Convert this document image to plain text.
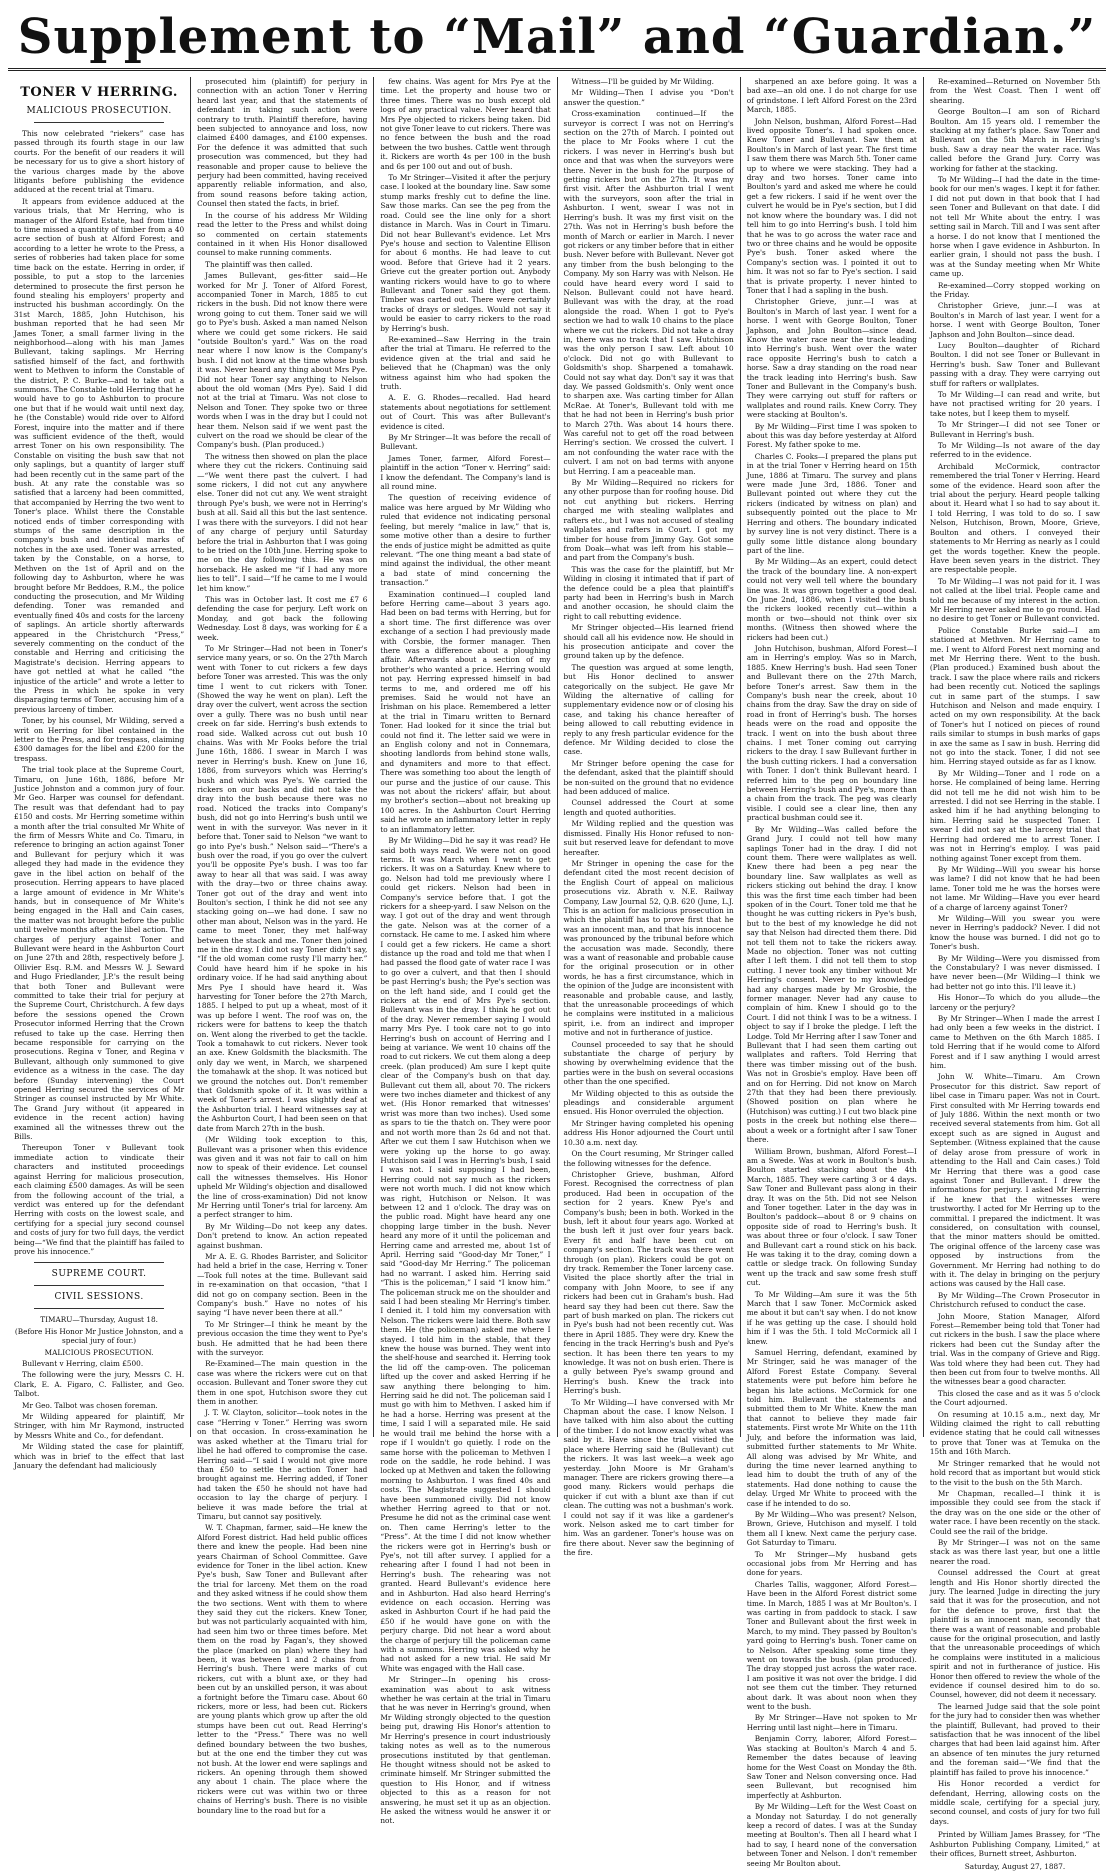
Supplement to “Mail” and “Guardian.”
TONER V HERRING.
MALICIOUS PROSECUTION.

This now celebrated “riekers” case has passed through its fourth stage in our law courts. For the benefit of our readers it will be necessary for us to give a short history of the various charges made by the above litigants before publishing the evidence adduced at the recent trial at Timaru.

It appears from evidence adduced at the various trials, that Mr Herring, who is manager of the Alford Estate, had from time to time missed a quantity of timber from a 40 acre section of bush at Alford Forest; and according to a letter he wrote to the Press, a series of robberies had taken place for some time back on the estate. Herring in order, if possible, to put a stop to the larcenies determined to prosecute the first person he found stealing his employers' property and instructed his bushman accordingly. On the 31st March, 1885, John Hutchison, his bushman reported that he had seen Mr James Toner, a small farmer living in the neighborhood—along with his man James Bullevant, taking saplings. Mr Herring satisfied himself of the fact, and forthwith went to Methven to inform the Constable of the district, P. C. Burke—and to take out a summons. The Constable told Herring that he would have to go to Ashburton to procure one but that if he would wait until next day, he (the Constable) would ride over to Alford Forest, inquire into the matter and if there was sufficient evidence of the theft, would arrest Toner on his own responsibility. The Constable on visiting the bush saw that not only saplings, but a quantity of larger stuff had been recently cut in the same part of the bush. At any rate the constable was so satisfied that a larceny had been committed, that accompanied by Herring the two went to Toner's place. Whilst there the Constable noticed ends of timber corresponding with stumps of the same description in the company's bush and identical marks of notches in the axe used. Toner was arrested, taken by the Constable, on a horse, to Methven on the 1st of April and on the following day to Ashburton, where he was brought before Mr Beddoes, R.M., the police conducting the prosecution, and Mr Wilding defending. Toner was remanded and eventually fined 40s and costs for the larceny of saplings. An article shortly afterwards appeared in the Christchurch “Press,” severely commenting on the conduct of the constable and Herring and criticising the Magistrate's decision. Herring appears to have got nettled at what he called “the injustice of the article” and wrote a letter to the Press in which he spoke in very disparaging terms of Toner, accusing him of a previous larceny of timber.

Toner, by his counsel, Mr Wilding, served a writ on Herring for libel contained in the letter to the Press, and for trespass, claiming £300 damages for the libel and £200 for the trespass.

The trial took place at the Supreme Court, Timaru, on June 16th, 1886, before Mr Justice Johnston and a common jury of four. Mr Geo. Harper was counsel for defendant. The result was that defendant had to pay £150 and costs. Mr Herring sometime within a month after the trial consulted Mr White of the firm of Messrs White and Co. Timaru, in reference to bringing an action against Toner and Bullevant for perjury which it was alleged they had made in the evidence they gave in the libel action on behalf of the prosecution. Herring appears to have placed a large amount of evidence in Mr White's hands, but in consequence of Mr White's being engaged in the Hall and Cain cases, the matter was not brought before the public until twelve months after the libel action. The charges of perjury against Toner and Bullevant were heard in the Ashburton Court on June 27th and 28th, respectively before J. Ollivier Esq. R.M. and Messrs W. J. Seward and Hugo Friedlander, J.P.'s the result being that both Toner and Bullevant were committed to take their trial for perjury at the Supreme Court, Christchurch. A few days before the sessions opened the Crown Prosecutor informed Herring that the Crown refused to take up the case. Herring then became responsible for carrying on the prosecutions. Regina v Toner, and Regina v Bullevant, although only summoned to give evidence as a witness in the case. The day before (Sunday intervening) the Court opened Herring secured the services of Mr Stringer as counsel instructed by Mr White. The Grand Jury without (it appeared in evidence in the recent action) having examined all the witnesses threw out the Bills.

Thereupon Toner v Bullevant took immediate action to vindicate their characters and instituted proceedings against Herring for malicious prosecution, each claiming £500 damages. As will be seen from the following account of the trial, a verdict was entered up for the defendant Herring with costs on the lowest scale, and certifying for a special jury second counsel and costs of jury for two full days, the verdict being—“We find that the plaintiff has failed to prove his innocence.”

SUPREME COURT.
CIVIL SESSIONS.

TIMARU—Thursday, August 18.

(Before His Honor Mr Justice Johnston, and a special jury of four.)

MALICIOUS PROSECUTION.

Bullevant v Herring, claim £500.

The following were the jury, Messrs C. H. Clark, E. A. Figaro, C. Fallister, and Geo. Talbot.

Mr Geo. Talbot was chosen foreman.

Mr Wilding appeared for plaintiff, Mr Stringer, with him Mr Raymond, instructed by Messrs White and Co., for defendant.

Mr Wilding stated the case for plaintiff, which was in brief to the effect that last January the defendant had maliciously

prosecuted him (plaintiff) for perjury in connection with an action Toner v Herring heard last year, and that the statements of defendant in taking such action were contrary to truth. Plaintiff therefore, having been subjected to annoyance and loss, now claimed £400 damages, and £100 expenses. For the defence it was admitted that such prosecution was commenced, but they had reasonable and proper cause to believe the perjury had been committed, having received apparently reliable information, and also, from sound reasons before taking action, Counsel then stated the facts, in brief.

In the course of his address Mr Wilding read the letter to the Press and whilst doing so commented on certain statements contained in it when His Honor disallowed counsel to make running comments.

The plaintiff was then called.

James Bullevant, ges-fitter said—He worked for Mr J. Toner of Alford Forest, accompanied Toner in March, 1885 to cut rickers in the bush. Did not know there were wrong going to cut them. Toner said we will go to Pye's bush. Asked a man named Nelson where we could get some rickers. He said “outside Boulton's yard.” Was on the road near where I now know is the Company's bush. I did not know at the time whose bush it was. Never heard any thing about Mrs Pye. Did not hear Toner say anything to Nelson about the old woman (Mrs Pye). Said I did not at the trial at Timaru. Was not close to Nelson and Toner. They spoke two or three words when I was in the dray but I could not hear them. Nelson said if we went past the culvert on the road we should be clear of the Company's bush. (Plan produced.)

The witness then showed on plan the place where they cut the rickers. Continuing said—“We went there past the culvert. I had some rickers, I did not cut any anywhere else. Toner did not cut any. We went straight through Pye's bush, we were not in Herring's bush at all. Said all this but the last sentence. I was there with the surveyors. I did not hear of any charge of perjury until Saturday before the trial in Ashburton that I was going to be tried on the 10th June. Herring spoke to me on the day following this. He was on horseback. He asked me “if I had any more lies to tell”. I said—“If he came to me I would let him know.”

This was in October last. It cost me £7 6 defending the case for perjury. Left work on Monday, and got back the following Wednesday. Lost 8 days, was working for £ a week.

To Mr Stringer—Had not been in Toner's service many years, or so. On the 27th March went with Toner to cut rickers a few days before Toner was arrested. This was the only time I went to cut rickers with Toner. (Showed the way he went on plan). Left the dray over the culvert, went across the section over a gully. There was no bush until near creek on far side. Herring's bush extends to road side. Walked across cut out bush 10 chains. Was with Mr Fooks before the trial June 16th, 1886. I swear in March I was never in Herring's bush. Knew on June 16, 1886, from surveyors which was Herring's bush and which was Pye's. We carried the rickers on our backs and did not take the dray into the bush because there was no road. Noticed the tracks into Company's bush, did not go into Herring's bush until we went in with the surveyor. Was never in it before that. Toner said to Nelson “we want to go into Pye's bush.” Nelson said—“There's a bush over the road, if you go over the culvert you'll be opposite Pye's bush. I was too far away to hear all that was said. I was away with the dray—two or three chains away. Toner got out of the dray and went into Boulton's section, I think he did not see any stacking going on—we had done. I saw no other man about, Nelson was in the yard. He came to meet Toner, they met half-way between the stack and me. Toner then joined me in the dray. I did not say Toner didn't say, “If the old woman come rusty I'll marry her.” Could have heard him if he spoke in his ordinary voice. If he had said anything about Mrs Pye I should have heard it. Was harvesting for Toner before the 27th March, 1885. I helped to put up a wheat, most of it was up before I went. The roof was on, the rickers were for battens to keep the thatch on. Went along the riverbed to get the tackle. Took a tomahawk to cut rickers. Never took an axe. Knew Goldsmith the blacksmith. The only day we went, in March, we sharpened the tomahawk at the shop. It was noticed but we ground the notches out. Don't remember that Goldsmith spoke of it. It was within a week of Toner's arrest. I was slightly deaf at the Ashburton trial. I heard witnesses say at the Ashburton Court, I had been seen on that date from March 27th in the bush.

(Mr Wilding took exception to this, Bullevant was a prisoner when this evidence was given and it was not fair to call on him now to speak of their evidence. Let counsel call the witnesses themselves. His Honor upheld Mr Wilding's objection and disallowed the line of cross-examination) Did not know Mr Herring until Toner's trial for larceny. Am a perfect stranger to him.

By Mr Wilding—Do not keep any dates. Don't pretend to know. An action repeated against bushman.

Mr A. E. G. Rhodes Barrister, and Solicitor had held a brief in the case, Herring v. Toner—Took full notes at the time. Bullevant said in re-examination on that occasion, “that I did not go on company section. Been in the Company's bush.” Have no notes of his saying “I have never been there at all.”

To Mr Stringer—I think he meant by the previous occasion the time they went to Pye's bush. He admitted that he had been there with the surveyor.

Re-Examined—The main question in the case was where the rickers were cut on that occasion. Bullevant and Toner swore they cut them in one spot, Hutchison swore they cut them in another.

J. T. W. Clayton, solicitor—took notes in the case “Herring v Toner.” Herring was sworn on that occasion. In cross-examination he was asked whether at the Timaru trial for libel he had offered to compromise the case. Herring said—“I said I would not give more than £50 to settle the action Toner had brought against me. Herring added, if Toner had taken the £50 he should not have had occasion to lay the charge of perjury. I believe it was made before the trial at Timaru, but cannot say positively.

W. T. Chapman, farmer, said—He knew the Alford Forest district. Had held public offices there and knew the people. Had been nine years Chairman of School Committee. Gave evidence for Toner in the libel action. Knew Pye's bush, Saw Toner and Bullevant after the trial for larceny. Met them on the road and they asked witness if he could show them the two sections. Went with them to where they said they cut the rickers. Knew Toner, but was not particularly acquainted with him, had seen him two or three times before. Met them on the road by Fagan's, they showed the place (marked on plan) where they had been, it was between 1 and 2 chains from Herring's bush. There were marks of cut rickers, cut with a blunt axe, or they had been cut by an unskilled person, it was about a fortnight before the Timaru case. About 60 rickers, more or less, had been cut. Rickers are young plants which grow up after the old stumps have been cut out. Read Herring's letter to the “Press.” There was no well defined boundary between the two bushes, but at the one end the timber they cut was not bush. At the lower end were saplings and rickers. An opening through them showed any about 1 chain. The place where the rickers were cut was within two or three chains of Herring's bush. There is no visible boundary line to the road but for a

few chains. Was agent for Mrs Pye at the time. Let the property and house two or three times. There was no bush except old logs of any practical value. Never heard that Mrs Pye objected to rickers being taken. Did not give Toner leave to cut rickers. There was no fence between the bush and the road between the two bushes. Cattle went through it. Rickers are worth 4s per 100 in the bush and 6s per 100 out and out of bush.

To Mr Stringer—Visited it after the perjury case. I looked at the boundary line. Saw some stump marks freshly cut to define the line. Saw those marks. Can see the peg from the road. Could see the line only for a short distance in March. Was in Court in Timaru. Did not hear Bullevant's evidence. Let Mrs Pye's house and section to Valentine Ellison for about 6 months. He had leave to cut wood. Before that Grieve had it 2 years. Grieve cut the greater portion out. Anybody wanting rickers would have to go to where Bullevant and Toner said they got them. Timber was carted out. There were certainly tracks of drays or sledges. Would not say it would be easier to carry rickers to the road by Herring's bush.

Re-examined—Saw Herring in the train after the trial at Timaru. He referred to the evidence given at the trial and said he believed that he (Chapman) was the only witness against him who had spoken the truth.

A. E. G. Rhodes—recalled. Had heard statements about negotiations for settlement out of Court. This was after Bullevant's evidence is cited.

By Mr Stringer—It was before the recall of Bullevant.

James Toner, farmer, Alford Forest—plaintiff in the action “Toner v. Herring” said: I know the defendant. The Company's land is all round mine.

The question of receiving evidence of malice was here argued by Mr Wilding who ruled that evidence not indicating personal feeling, but merely “malice in law,” that is, some motive other than a desire to further the ends of justice might be admitted as quite relevant. “The one thing meant a bad state of mind against the individual, the other meant a bad state of mind concerning the transaction.”

Examination continued—I coupled land before Herring came—about 3 years ago. Had been on bad terms with Herring, but for a short time. The first difference was over exchange of a section I had previously made with Corsbie, the former manager. Then there was a difference about a ploughing affair. Afterwards about a section of my brother's who wanted a price. Herring would not pay. Herring expressed himself in bad terms to me, and ordered me off his premises. Said he would not have an Irishman on his place. Remembered a letter at the trial in Timaru written to Bernard Toner. Had looked for it since the trial but could not find it. The letter said we were in an English colony and not in Connemara, shooting landlords from behind stone walls, and dynamiters and more to that effect. There was something too about the length of our purse and the justice of our cause. This was not about the rickers' affair, but about my brother's section—about not breaking up 100 acres. In the Ashburton Court Herring said he wrote an inflammatory letter in reply to an inflammatory letter.

By Mr Wilding—Did he say it was read? He said both ways read. We were not on good terms. It was March when I went to get rickers. It was on a Saturday. Knew where to go. Nelson had told me previously where I could get rickers. Nelson had been in Company's service before that. I got the rickers for a sheep-yard. I saw Nelson on the way. I got out of the dray and went through the gate. Nelson was at the corner of a cornstack. He came to me. I asked him where I could get a few rickers. He came a short distance up the road and told me that when I had passed the flood gate of water race I was to go over a culvert, and that then I should be past Herring's bush; the Pye's section was on the left hand side, and I could get the rickers at the end of Mrs Pye's section. Bullevant was in the dray. I think he got out of the dray. Never remember saying I would marry Mrs Pye. I took care not to go into Herring's bush on account of Herring and I being at variance. We went 10 chains off the road to cut rickers. We cut them along a deep creek. (plan produced) Am sure I kept quite clear of the Company's bush on that day. Bullevant cut them all, about 70. The rickers were two inches diameter and thickest of any wet. (His Honor remarked that witnesses' wrist was more than two inches). Used some as spars to tie the thatch on. They were poor and not worth more than 2s 6d and not that. After we cut them I saw Hutchison when we were yoking up the horse to go away. Hutchison said I was in Herring's bush, I said I was not. I said supposing I had been, Herring could not say much as the rickers were not worth much. I did not know which was right, Hutchison or Nelson. It was between 12 and 1 o'clock. The dray was on the public road. Might have heard any one chopping large timber in the bush. Never heard any more of it until the policeman and Herring came and arrested me, about 1st of April. Herring said “Good-day Mr Toner,” I said “Good-day Mr Herring.” The policeman had no warrant. I asked him. Herring said “This is the policeman,” I said “I know him.” The policeman struck me on the shoulder and said I had been stealing Mr Herring's timber. I denied it. I told him my conversation with Nelson. The rickers were laid there. Both saw them. He (the policeman) asked me where I stayed. I told him in the stable, that they knew the house was burned. They went into the shelf-house and searched it. Herring took the lid off the camp-oven. The policeman lifted up the cover and asked Herring if he saw anything there belonging to him. Herring said he did not. The policeman said I must go with him to Methven. I asked him if he had a horse. Herring was present at the time, I said I will a separated mile. He said he would trail me behind the horse with a rope if I wouldn't go quietly. I rode on the same horse with the policeman to Methven I rode on the saddle, he rode behind. I was locked up at Methven and taken the following morning to Ashburton. I was fined 40s and costs. The Magistrate suggested I should have been summoned civilly. Did not know whether Herring agreed to that or not. Presume he did not as the criminal case went on. Then came Herring's letter to the “Press”. At the time I did not know whether the rickers were got in Herring's bush or Pye's, not till after survey. I applied for a rehearing after I found I had not been in Herring's bush. The rehearing was not granted. Heard Bullevant's evidence here and in Ashburton. Had also heard Herring's evidence on each occasion. Herring was asked in Ashburton Court if he had paid the £50 if he would have gone on with the perjury charge. Did not hear a word about the charge of perjury till the policeman came with a summons. Herring was asked why he had not asked for a new trial. He said Mr White was engaged with the Hall case.

Mr Stringer—In opening his cross-examination was about to ask witness whether he was certain at the trial in Timaru that he was never in Herring's ground, when Mr Wilding strongly objected to the question being put, drawing His Honor's attention to Mr Herring's presence in court industriously taking notes as well as to the numerous prosecutions instituted by that gentleman. He thought witness should not be asked to criminate himself. Mr Stringer submitted the question to His Honor, and if witness objected to this as a reason for not answering, he must set it up as an objection. He asked the witness would he answer it or not.

Witness—I'll be guided by Mr Wilding.

Mr Wilding—Then I advise you “Don't answer the question.”

Cross-examination continued—If the surveyor is correct I was not on Herring's section on the 27th of March. I pointed out the place to Mr Fooks where I cut the rickers. I was never in Herring's bush but once and that was when the surveyors were there. Never in the bush for the purpose of getting rickers but on the 27th. It was my first visit. After the Ashburton trial I went with the surveyors, soon after the trial in Ashburton. I went, swear I was not in Herring's bush. It was my first visit on the 27th. Was not in Herring's bush before the month of March or earlier in March. I never got rickers or any timber before that in either bush. Never before with Bullevant. Never got any timber from the bush belonging to the Company. My son Harry was with Nelson. He could have heard every word I said to Nelson. Bullevant could not have heard. Bullevant was with the dray, at the road alongside the road. When I got to Pye's section we had to walk 10 chains to the place where we cut the rickers. Did not take a dray in, there was no track that I saw. Hutchison was the only person I saw. Left about 10 o'clock. Did not go with Bullevant to Goldsmith's shop. Sharpened a tomahawk. Could not say what day. Don't say it was that day. We passed Goldsmith's. Only went once to sharpen axe. Was carting timber for Allan McRae. At Toner's, Bullevant told with me that he had not been in Herring's bush prior to March 27th. Was about 14 hours there. Was careful not to get off the road between Herring's section. We crossed the culvert. I am not confounding the water race with the culvert. I am not on bad terms with anyone but Herring. I am a peaceable man.

By Mr Wilding—Required no rickers for any other purpose than for roofing house. Did not cut anything but rickers. Herring charged me with stealing wallplates and rafters etc., but I was not accused of stealing wallplates and rafters in Court. I got my timber for house from Jimmy Gay. Got some from Doak—what was left from his stable—and part from the Company's bush.

This was the case for the plaintiff, but Mr Wilding in closing it intimated that if part of the defence could be a plea that plaintiff's party had been in Herring's bush in March and another occasion, he should claim the right to call rebutting evidence.

Mr Stringer objected—His learned friend should call all his evidence now. He should in his prosecution anticipate and cover the ground taken up by the defence.

The question was argued at some length, but His Honor declined to answer categorically on the subject. He gave Mr Wilding the alternative of calling for supplementary evidence now or of closing his case, and taking his chance hereafter of being allowed to call rebutting evidence in reply to any fresh particular evidence for the defence. Mr Wilding decided to close the case.

Mr Stringer before opening the case for the defendant, asked that the plaintiff should be non-suited on the ground that no evidence had been adduced of malice.

Counsel addressed the Court at some length and quoted authorities.

Mr Wilding replied and the question was dismissed. Finally His Honor refused to non-suit but reserved leave for defendant to move hereafter.

Mr Stringer in opening the case for the defendant cited the most recent decision of the English Court of appeal on malicious prosecutions viz. Abrath v. N.E. Railway Company, Law Journal 52, Q.B. 620 (June, L.J. This is an action for malicious prosecution in which the plaintiff has to prove first that he was an innocent man, and that his innocence was pronounced by the tribunal before which the accusation was made. Secondly, there was a want of reasonable and probable cause for the original prosecution or in other words, he has a first circumstance, which in the opinion of the Judge are inconsistent with reasonable and probable cause, and lastly, that the unreasonable proceedings of which he complains were instituted in a malicious spirit, i.e. from an indirect and improper motive and not in furtherance of justice.

Counsel proceeded to say that he should substantiate the charge of perjury by showing by overwhelming evidence that the parties were in the bush on several occasions other than the one specified.

Mr Wilding objected to this as outside the pleadings and considerable argument ensued. His Honor overruled the objection.

Mr Stringer having completed his opening address His Honor adjourned the Court until 10.30 a.m. next day.

On the Court resuming, Mr Stringer called the following witnesses for the defence.

Christopher Grieve, bushman, Alford Forest. Recognised the correctness of plan produced. Had been in occupation of the section for 2 years. Knew Pye's and Company's bush; been in both. Worked in the bush, left it about four years ago. Worked at the bush left it just over four years back. Every fit and half have been cut on company's section. The track was there went through (on plan). Rickers could be got on dry track. Remember the Toner larceny case. Visited the place shortly after the trial in company with John Moore, to see if any rickers had been cut in Graham's bush. Had heard say they had been cut there. Saw the part of bush marked on plan. The rickers cut in Pye's bush had not been recently cut. Was there in April 1885. They were dry. Knew the fencing in the track Herring's bush and Pye's section. It has been there ten years to my knowledge. It was not on bush erien. There is a gully between Pye's swamp ground and Herring's bush. Knew the track into Herring's bush.

To Mr Wilding—I have conversed with Mr Chapman about the case. I know Nelson. I have talked with him also about the cutting of the timber. I do not know exactly what was said by it. Have since the trial visited the place where Herring said he (Bullevant) cut the rickers. It was last week—a week ago yesterday. John Moore is Mr Graham's manager. There are rickers growing there—a good many. Rickers would perhaps die quicker if cut with a blunt axe than if cut clean. The cutting was not a bushman's work. I could not say if it was like a gardener's work. Nelson asked me to cart timber for him. Was an gardener. Toner's house was on fire there about. Never saw the beginning of the fire.

sharpened an axe before going. It was a bad axe—an old one. I do not charge for use of grindstone. I left Alford Forest on the 23rd March, 1885.

John Nelson, bushman, Alford Forest—Had lived opposite Toner's. I had spoken once. Knew Toner and Bullevant. Saw them at Boulton's in March of last year. The first time I saw them there was March 5th. Toner came up to where we were stacking. They had a dray and two horses. Toner came into Boulton's yard and asked me where he could get a few rickers. I said if he went over the culvert he would be in Pye's section, but I did not know where the boundary was. I did not tell him to go into Herring's bush. I told him that he was to go across the water race and two or three chains and he would be opposite Pye's bush. Toner asked where the Company's section was. I pointed it out to him. It was not so far to Pye's section. I said that is private property. I never hinted to Toner that I had a sapling in the bush.

Christopher Grieve, junr.—I was at Boulton's in March of last year. I went for a horse. I went with George Boulton, Toner Japhson, and John Boulton—since dead. Know the water race near the track leading into Herring's bush. Went over the water race opposite Herring's bush to catch a horse. Saw a dray standing on the road near the track leading into Herring's bush. Saw Toner and Bullevant in the Company's bush. They were carrying out stuff for rafters or wallplates and round rails. Knew Corry. They were stacking at Boulton's.

By Mr Wilding—First time I was spoken to about this was day before yesterday at Alford Forest. My father spoke to me.

Charles C. Fooks—I prepared the plans put in at the trial Toner v Herring heard on 15th June, 1886 at Timaru. The survey and plans were made June 3rd, 1886. Toner and Bullevant pointed out where they cut the rickers (indicated by witness on plan) and subsequently pointed out the place to Mr Herring and others. The boundary indicated by survey line is not very distinct. There is a gully some little distance along boundary part of the line.

By Mr Wilding—As an expert, could detect the track of the boundary line. A non-expert could not very well tell where the boundary line was. It was grown together a good deal. On June 2nd, 1886, when I visited the bush the rickers looked recently cut—within a month or two—should not think over six months. (Witness then showed where the rickers had been cut.)

John Hutchison, bushman, Alford Forest—I am in Herring's employ. Was so in March, 1885. Knew Herring's bush. Had seen Toner and Bullevant there on the 27th March, before Toner's arrest. Saw them in the Company's bush near the creek, about 10 chains from the dray. Saw the dray on side of road in front of Herring's bush. The horses heads were on the road and opposite the track. I went on into the bush about three chains. I met Toner coming out carrying rickers to the dray. I saw Bullevant further in the bush cutting rickers. I had a conversation with Toner. I don't think Bullevant heard. I referred him to the peg on boundary line between Herring's bush and Pye's, more than a chain from the track. The peg was clearly visible. I could see a clear line, then any practical bushman could see it.

By Mr Wilding—Was called before the Grand Jury. I could not tell how many saplings Toner had in the dray. I did not count them. There were wallplates as well. Knew there had been a peg near the boundary line. Saw wallplates as well as rickers sticking out behind the dray. I know this was the first time each timber had been spoken of in the Court. Toner told me that he thought he was cutting rickers in Pye's bush, but to the best of my knowledge he did not say that Nelson had directed them there. Did not tell them not to take the rickers away. Made no objection. Toner was not cutting after I left them. I did not tell them to stop cutting. I never took any timber without Mr Herring's consent. Never to my knowledge had any charges made by Mr Grosbie, the former manager. Never had any cause to complain of him. Knew I should go to the Court. I did not think I was to be a witness. I object to say if I broke the pledge. I left the Lodge. Told Mr Herring after I saw Toner and Bullevant that I had seen them carting out wallplates and rafters. Told Herring that there was timber missing out of the bush. Was not in Grosbie's employ. Have been off and on for Herring. Did not know on March 27th that they had been there previously. (Showed position on plan where he (Hutchison) was cutting.) I cut two black pine posts in the creek but nothing else there—about a week or a fortnight after I saw Toner there.

William Brown, bushman, Alford Forest—I am a Swede. Was at work in Boulton's bush. Boulton started stacking about the 4th March, 1885. They were carting 3 or 4 days. Saw Toner and Bullevant pass along in their dray. It was on the 5th. Did not see Nelson and Toner together. Later in the day was in Boulton's paddock—about 8 or 9 chains on opposite side of road to Herring's bush. It was about three or four o'clock. I saw Toner and Bullevant cart a round stick on his back. He was taking it to the dray, coming down a cattle or sledge track. On following Sunday went up the track and saw some fresh stuff cut.

To Mr Wilding—Am sure it was the 5th March that I saw Toner. McCormick asked me about it but can't say when. I do not know if he was getting up the case. I should hold him if I was the 5th. I told McCormick all I knew.

Samuel Herring, defendant, examined by Mr Stringer, said he was manager of the Alford Forest Estate Company. Several statements were put before him before he began his late actions. McCormick for one told him. Bullevant the statements and submitted them to Mr White. Knew the man that cannot to believe they made fair statements. First wrote Mr White on the 11th July, and before the information was laid, submitted further statements to Mr White. All along was advised by Mr White, and during the time never learned anything to lead him to doubt the truth of any of the statements. Had done nothing to cause the delay. Urged Mr White to proceed with the case if he intended to do so.

By Mr Wilding—Who was present? Nelson, Brown, Grieve, Hutchison and myself. I told them all I knew. Next came the perjury case. Got Saturday to Timaru.

To Mr Stringer—My husband gets occasional jobs from Mr Herring and has done for years.

Charles Tallis, waggoner, Alford Forest—Have been in the Alford Forest district some time. In March, 1885 I was at Mr Boulton's. I was carting in from paddock to stack. I saw Toner and Bullevant about the first week in March, to my mind. They passed by Boulton's yard going to Herring's bush. Toner came on to Nelson. After speaking some time they went on towards the bush. (plan produced). The dray stopped just across the water race. I am positive it was not over the bridge. I did not see them cut the timber. They returned about dark. It was about noon when they went to the bush.

By Mr Stringer—Have not spoken to Mr Herring until last night—here in Timaru.

Benjamin Corry, laborer, Alford Forest—Was stacking at Boulton's March 4 and 5. Remember the dates because of leaving home for the West Coast on Monday the 8th. Saw Toner and Nelson conversing once. Had seen Bullevant, but recognised him imperfectly at Ashburton.

By Mr Wilding—Left for the West Coast on a Monday not Saturday. I do not generally keep a record of dates. I was at the Sunday meeting at Boulton's. Then all I heard what I had to say, I heard none of the conversation between Toner and Nelson. I don't remember seeing Mr Boulton about.

Re-examined—Returned on November 5th from the West Coast. Then I went off shearing.

George Boulton—I am son of Richard Boulton. Am 15 years old. I remember the stacking at my father's place. Saw Toner and Bullevant on the 5th March in Herring's bush. Saw a dray near the water race. Was called before the Grand Jury. Corry was working for father at the stacking.

To Mr Wilding—I had the date in the time-book for our men's wages. I kept it for father. I did not put down in that book that I had seen Toner and Bullevant on that date. I did not tell Mr White about the entry. I was setting sail in March. Till and I was sent after a horse. I do not know that I mentioned the horse when I gave evidence in Ashburton. In earlier grain, I should not pass the bush. I was at the Sunday meeting when Mr White came up.

Re-examined—Corry stopped working on the Friday.

Christopher Grieve, junr.—I was at Boulton's in March of last year. I went for a horse. I went with George Boulton, Toner Japhson and John Boulton—since dead.

Lucy Boulton—daughter of Richard Boulton. I did not see Toner or Bullevant in Herring's bush. Saw Toner and Bullevant passing with a dray. They were carrying out stuff for rafters or wallplates.

To Mr Wilding—I can read and write, but have not practised writing for 20 years. I take notes, but I keep them to myself.

To Mr Stringer—I did not see Toner or Bullevant in Herring's bush.

To Mr Wilding—Is not aware of the day referred to in the evidence.

Archibald McCormick, contractor remembered the trial Toner v Herring. Heard some of the evidence. Heard soon after the trial about the perjury. Heard people talking about it. Heard what I so had to say about it. I told Herring, I was told to do so. I saw Nelson, Hutchison, Brown, Moore, Grieve, Boulton and others. I conveyed their statements to Mr Herring as nearly as I could get the words together. Knew the people. Have been seven years in the district. They are respectable people.

To Mr Wilding—I was not paid for it. I was not called at the libel trial. People came and told me because of my interest in the action. Mr Herring never asked me to go round. Had no desire to get Toner or Bullevant convicted.

Police Constable Burke said—I am stationed at Methven. Mr Herring came to me. I went to Alford Forest next morning and met Mr Herring there. Went to the bush. (Plan produced.) Examined bush about the track. I saw the place where rails and rickers had been recently cut. Noticed the saplings cut in same part of the stumps. I saw Hutchison and Nelson and made enquiry. I acted on my own responsibility. At the back of Toner's hut I noticed on pieces of round rails similar to stumps in bush marks of gaps in axe the same as I saw in bush. Herring did not go into the stack. Toner, I did not see him. Herring stayed outside as far as I know.

By Mr Wilding—Toner and I rode on a horse. He complained of being lame. Herring did not tell me he did not wish him to be arrested. I did not see Herring in the stable. I asked him if he had anything belonging to him. Herring said he suspected Toner. I swear I did not say at the larceny trial that Herring had ordered me to arrest Toner. I was not in Herring's employ. I was paid nothing against Toner except from them.

By Mr Wilding—Will you swear his horse was lame? I did not know that he had been lame. Toner told me he was the horses were not lame. Mr Wilding—Have you ever heard of a charge of larceny against Toner?

Mr Wilding—Will you swear you were never in Herring's paddock? Never. I did not know the house was burned. I did not go to Toner's bush.

By Mr Wilding—Were you dismissed from the Constabulary? I was never dismissed. I have never been—(Mr Wilding—I think we had better not go into this. I'll leave it.)

His Honor—To which do you allude—the larceny or the perjury?

By Mr Stringer—When I made the arrest I had only been a few weeks in the district. I came to Methven on the 6th March 1885. I told Herring that if he would come to Alford Forest and if I saw anything I would arrest him.

John W. White—Timaru. Am Crown Prosecutor for this district. Saw report of libel case in Timaru paper. Was not in Court. First consulted with Mr Herring towards end of July 1886. Within the next month or two received several statements from him. Got all except such as are signed in August and September. (Witness explained that the cause of delay arose from pressure of work in attending to the Hall and Cain cases.) Told Mr Herring that there was a good case against Toner and Bullevant. I drew the informations for perjury. I asked Mr Herring if he knew that the witnesses were trustworthy. I acted for Mr Herring up to the committal. I prepared the indictment. It was considered, on consultation with counsel, that the minor matters should be omitted. The original offence of the larceny case was opposed by instructions from the Government. Mr Herring had nothing to do with it. The delay in bringing on the perjury actions was caused by the Hall case.

By Mr Wilding—The Crown Prosecutor in Christchurch refused to conduct the case.

John Moore, Station Manager, Alford Forest—Remember being told that Toner had cut rickers in the bush. I saw the place where rickers had been cut the Sunday after the trial. Was in the company of Grieve and Rigg. Was told where they had been cut. They had then been cut from four to twelve months. All the witnesses bear a good character.

This closed the case and as it was 5 o'clock the Court adjourned.

On resuming at 10.15 a.m., next day, Mr Wilding claimed the right to call rebutting evidence stating that he could call witnesses to prove that Toner was at Temuka on the 15th and 16th March.

Mr Stringer remarked that he would not hold record that as important but would stick to the visit to the bush on the 5th March.

Mr Chapman, recalled—I think it is impossible they could see from the stack if the dray was on the one side or the other of water race. I have been recently on the stack. Could see the rail of the bridge.

By Mr Stringer—I was not on the same stack as was there last year, but one a little nearer the road.

Counsel addressed the Court at great length and His Honor shortly directed the jury. The learned Judge in directing the jury said that it was for the prosecution, and not for the defence to prove, first that the plaintiff is an innocent man, secondly that there was a want of reasonable and probable cause for the original prosecution, and lastly that the unreasonable proceedings of which he complains were instituted in a malicious spirit and not in furtherance of justice. His Honor then offered to review the whole of the evidence if counsel desired him to do so. Counsel, however, did not deem it necessary.

The learned Judge said that the sole point for the jury had to consider then was whether the plaintiff, Bullevant, had proved to their satisfaction that he was innocent of the libel charges that had been laid against him. After an absence of ten minutes the jury returned and the foreman said—“We find that the plaintiff has failed to prove his innocence.”

His Honor recorded a verdict for defendant, Herring, allowing costs on the middle scale, certifying for a special jury, second counsel, and costs of jury for two full days.

Printed by William James Brassey, for “The Ashburton Publishing Company, Limited,” at their offices, Burnett street, Ashburton.

Saturday, August 27, 1887.
